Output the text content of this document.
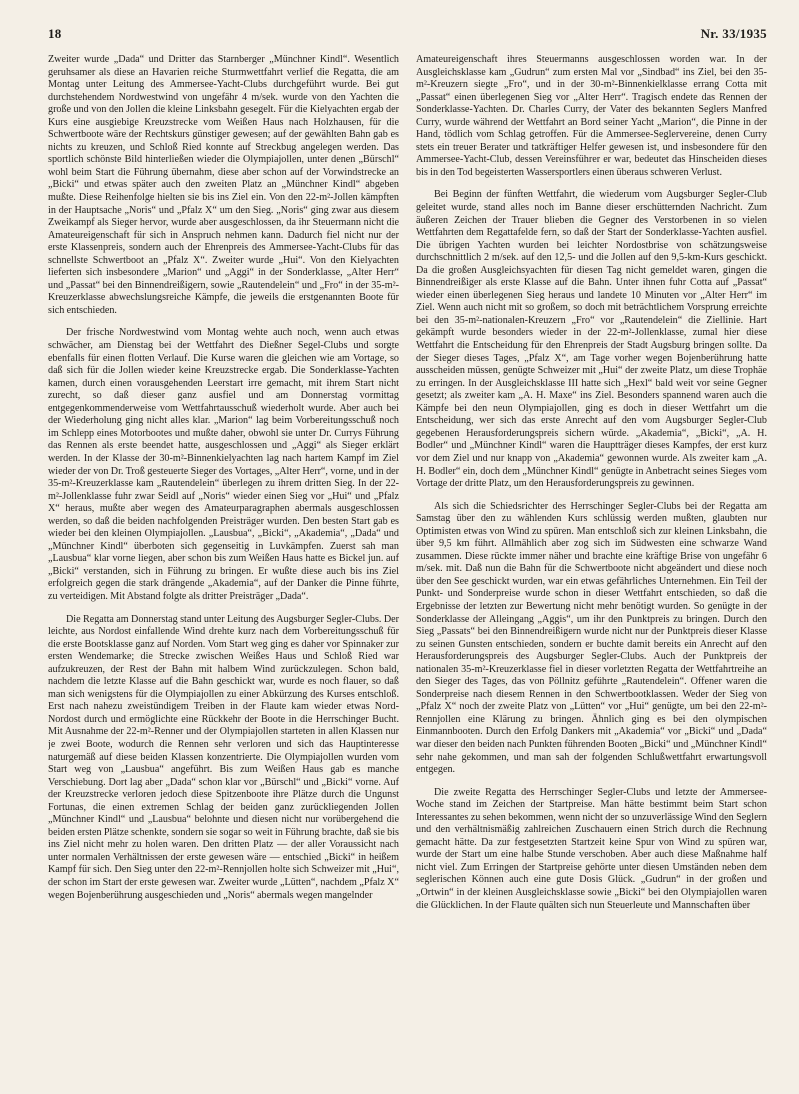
18	Nr. 33/1935

Zweiter wurde „Dada“ und Dritter das Starnberger „Münchner Kindl“. Wesentlich geruhsamer als diese an Havarien reiche Sturmwettfahrt verlief die Regatta, die am Montag unter Leitung des Ammersee-Yacht-Clubs durchgeführt wurde. Bei gut durchstehendem Nordwestwind von ungefähr 4 m/sek. wurde von den Yachten die große und von den Jollen die kleine Linksbahn gesegelt. Für die Kielyachten ergab der Kurs eine ausgiebige Kreuzstrecke vom Weißen Haus nach Holzhausen, für die Schwertboote wäre der Rechtskurs günstiger gewesen; auf der gewählten Bahn gab es nichts zu kreuzen, und Schloß Ried konnte auf Streckbug angelegen werden. Das sportlich schönste Bild hinterließen wieder die Olympiajollen, unter denen „Bürschl“ wohl beim Start die Führung übernahm, diese aber schon auf der Vorwindstrecke an „Bicki“ und etwas später auch den zweiten Platz an „Münchner Kindl“ abgeben mußte. Diese Reihenfolge hielten sie bis ins Ziel ein. Von den 22-m²-Jollen kämpften in der Hauptsache „Noris“ und „Pfalz X“ um den Sieg. „Noris“ ging zwar aus diesem Zweikampf als Sieger hervor, wurde aber ausgeschlossen, da ihr Steuermann nicht die Amateureigenschaft für sich in Anspruch nehmen kann. Dadurch fiel nicht nur der erste Klassenpreis, sondern auch der Ehrenpreis des Ammersee-Yacht-Clubs für das schnellste Schwertboot an „Pfalz X“. Zweiter wurde „Hui“. Von den Kielyachten lieferten sich insbesondere „Marion“ und „Aggi“ in der Sonderklasse, „Alter Herr“ und „Passat“ bei den Binnendreißigern, sowie „Rautendelein“ und „Fro“ in der 35-m²-Kreuzerklasse abwechslungsreiche Kämpfe, die jeweils die erstgenannten Boote für sich entschieden.

Der frische Nordwestwind vom Montag wehte auch noch, wenn auch etwas schwächer, am Dienstag bei der Wettfahrt des Dießner Segel-Clubs und sorgte ebenfalls für einen flotten Verlauf. Die Kurse waren die gleichen wie am Vortage, so daß sich für die Jollen wieder keine Kreuzstrecke ergab. Die Sonderklasse-Yachten kamen, durch einen vorausgehenden Leerstart irre gemacht, mit ihrem Start nicht zurecht, so daß dieser ganz ausfiel und am Donnerstag vormittag entgegenkommenderweise vom Wettfahrtausschuß wiederholt wurde. Aber auch bei der Wiederholung ging nicht alles klar. „Marion“ lag beim Vorbereitungsschuß noch im Schlepp eines Motorbootes und mußte daher, obwohl sie unter Dr. Currys Führung das Rennen als erste beendet hatte, ausgeschlossen und „Aggi“ als Sieger erklärt werden. In der Klasse der 30-m²-Binnenkielyachten lag nach hartem Kampf im Ziel wieder der von Dr. Troß gesteuerte Sieger des Vortages, „Alter Herr“, vorne, und in der 35-m²-Kreuzerklasse kam „Rautendelein“ überlegen zu ihrem dritten Sieg. In der 22-m²-Jollenklasse fuhr zwar Seidl auf „Noris“ wieder einen Sieg vor „Hui“ und „Pfalz X“ heraus, mußte aber wegen des Amateurparagraphen abermals ausgeschlossen werden, so daß die beiden nachfolgenden Preisträger wurden. Den besten Start gab es wieder bei den kleinen Olympiajollen. „Lausbua“, „Bicki“, „Akademia“, „Dada“ und „Münchner Kindl“ überboten sich gegenseitig in Luvkämpfen. Zuerst sah man „Lausbua“ klar vorne liegen, aber schon bis zum Weißen Haus hatte es Bickel jun. auf „Bicki“ verstanden, sich in Führung zu bringen. Er wußte diese auch bis ins Ziel erfolgreich gegen die stark drängende „Akademia“, auf der Danker die Pinne führte, zu verteidigen. Mit Abstand folgte als dritter Preisträger „Dada“.

Die Regatta am Donnerstag stand unter Leitung des Augsburger Segler-Clubs. Der leichte, aus Nordost einfallende Wind drehte kurz nach dem Vorbereitungsschuß für die erste Bootsklasse ganz auf Norden. Vom Start weg ging es daher vor Spinnaker zur ersten Wendemarke; die Strecke zwischen Weißes Haus und Schloß Ried war aufzukreuzen, der Rest der Bahn mit halbem Wind zurückzulegen. Schon bald, nachdem die letzte Klasse auf die Bahn geschickt war, wurde es noch flauer, so daß man sich wenigstens für die Olympiajollen zu einer Abkürzung des Kurses entschloß. Erst nach nahezu zweistündigem Treiben in der Flaute kam wieder etwas Nord-Nordost durch und ermöglichte eine Rückkehr der Boote in die Herrschinger Bucht. Mit Ausnahme der 22-m²-Renner und der Olympiajollen starteten in allen Klassen nur je zwei Boote, wodurch die Rennen sehr verloren und sich das Hauptinteresse naturgemäß auf diese beiden Klassen konzentrierte. Die Olympiajollen wurden vom Start weg von „Lausbua“ angeführt. Bis zum Weißen Haus gab es manche Verschiebung. Dort lag aber „Dada“ schon klar vor „Bürschl“ und „Bicki“ vorne. Auf der Kreuzstrecke verloren jedoch diese Spitzenboote ihre Plätze durch die Ungunst Fortunas, die einen extremen Schlag der beiden ganz zurückliegenden Jollen „Münchner Kindl“ und „Lausbua“ belohnte und diesen nicht nur vorübergehend die beiden ersten Plätze schenkte, sondern sie sogar so weit in Führung brachte, daß sie bis ins Ziel nicht mehr zu holen waren. Den dritten Platz — der aller Voraussicht nach unter normalen Verhältnissen der erste gewesen wäre — entschied „Bicki“ in heißem Kampf für sich. Den Sieg unter den 22-m²-Rennjollen holte sich Schweizer mit „Hui“, der schon im Start der erste gewesen war. Zweiter wurde „Lütten“, nachdem „Pfalz X“ wegen Bojenberührung ausgeschieden und „Noris“ abermals wegen mangelnder

Amateureigenschaft ihres Steuermanns ausgeschlossen worden war. In der Ausgleichsklasse kam „Gudrun“ zum ersten Mal vor „Sindbad“ ins Ziel, bei den 35-m²-Kreuzern siegte „Fro“, und in der 30-m²-Binnenkielklasse errang Cotta mit „Passat“ einen überlegenen Sieg vor „Alter Herr“. Tragisch endete das Rennen der Sonderklasse-Yachten. Dr. Charles Curry, der Vater des bekannten Seglers Manfred Curry, wurde während der Wettfahrt an Bord seiner Yacht „Marion“, die Pinne in der Hand, tödlich vom Schlag getroffen. Für die Ammersee-Seglervereine, denen Curry stets ein treuer Berater und tatkräftiger Helfer gewesen ist, und insbesondere für den Ammersee-Yacht-Club, dessen Vereinsführer er war, bedeutet das Hinscheiden dieses bis in den Tod begeisterten Wassersportlers einen überaus schweren Verlust.

Bei Beginn der fünften Wettfahrt, die wiederum vom Augsburger Segler-Club geleitet wurde, stand alles noch im Banne dieser erschütternden Nachricht. Zum äußeren Zeichen der Trauer blieben die Gegner des Verstorbenen in so vielen Wettfahrten dem Regattafelde fern, so daß der Start der Sonderklasse-Yachten ausfiel. Die übrigen Yachten wurden bei leichter Nordostbrise von schätzungsweise durchschnittlich 2 m/sek. auf den 12,5- und die Jollen auf den 9,5-km-Kurs geschickt. Da die großen Ausgleichsyachten für diesen Tag nicht gemeldet waren, gingen die Binnendreißiger als erste Klasse auf die Bahn. Unter ihnen fuhr Cotta auf „Passat“ wieder einen überlegenen Sieg heraus und landete 10 Minuten vor „Alter Herr“ im Ziel. Wenn auch nicht mit so großem, so doch mit beträchtlichem Vorsprung erreichte bei den 35-m²-nationalen-Kreuzern „Fro“ vor „Rautendelein“ die Ziellinie. Hart gekämpft wurde besonders wieder in der 22-m²-Jollenklasse, zumal hier diese Wettfahrt die Entscheidung für den Ehrenpreis der Stadt Augsburg bringen sollte. Da der Sieger dieses Tages, „Pfalz X“, am Tage vorher wegen Bojenberührung hatte ausscheiden müssen, genügte Schweizer mit „Hui“ der zweite Platz, um diese Trophäe zu erringen. In der Ausgleichsklasse III hatte sich „Hexl“ bald weit vor seine Gegner gesetzt; als zweiter kam „A. H. Maxe“ ins Ziel. Besonders spannend waren auch die Kämpfe bei den neun Olympiajollen, ging es doch in dieser Wettfahrt um die Entscheidung, wer sich das erste Anrecht auf den vom Augsburger Segler-Club gegebenen Herausforderungspreis sichern würde. „Akademia“, „Bicki“, „A. H. Bodler“ und „Münchner Kindl“ waren die Hauptträger dieses Kampfes, der erst kurz vor dem Ziel und nur knapp von „Akademia“ gewonnen wurde. Als zweiter kam „A. H. Bodler“ ein, doch dem „Münchner Kindl“ genügte in Anbetracht seines Sieges vom Vortage der dritte Platz, um den Herausforderungspreis zu gewinnen.

Als sich die Schiedsrichter des Herrschinger Segler-Clubs bei der Regatta am Samstag über den zu wählenden Kurs schlüssig werden mußten, glaubten nur Optimisten etwas von Wind zu spüren. Man entschloß sich zur kleinen Linksbahn, die über 9,5 km führt. Allmählich aber zog sich im Südwesten eine schwarze Wand zusammen. Diese rückte immer näher und brachte eine kräftige Brise von ungefähr 6 m/sek. mit. Daß nun die Bahn für die Schwertboote nicht abgeändert und diese noch über den See geschickt wurden, war ein etwas gefährliches Unternehmen. Ein Teil der Punkt- und Sonderpreise wurde schon in dieser Wettfahrt entschieden, so daß die Ergebnisse der letzten zur Bewertung nicht mehr benötigt wurden. So genügte in der Sonderklasse der Alleingang „Aggis“, um ihr den Punktpreis zu bringen. Durch den Sieg „Passats“ bei den Binnendreißigern wurde nicht nur der Punktpreis dieser Klasse zu seinen Gunsten entschieden, sondern er buchte damit bereits ein Anrecht auf den Herausforderungspreis des Augsburger Segler-Clubs. Auch der Punktpreis der nationalen 35-m²-Kreuzerklasse fiel in dieser vorletzten Regatta der Wettfahrtreihe an den Sieger des Tages, das von Pöllnitz geführte „Rautendelein“. Offener waren die Sonderpreise nach diesem Rennen in den Schwertbootklassen. Weder der Sieg von „Pfalz X“ noch der zweite Platz von „Lütten“ vor „Hui“ genügte, um bei den 22-m²-Rennjollen eine Klärung zu bringen. Ähnlich ging es bei den olympischen Einmannbooten. Durch den Erfolg Dankers mit „Akademia“ vor „Bicki“ und „Dada“ war dieser den beiden nach Punkten führenden Booten „Bicki“ und „Münchner Kindl“ sehr nahe gekommen, und man sah der folgenden Schlußwettfahrt erwartungsvoll entgegen.

Die zweite Regatta des Herrschinger Segler-Clubs und letzte der Ammersee-Woche stand im Zeichen der Startpreise. Man hätte bestimmt beim Start schon Interessantes zu sehen bekommen, wenn nicht der so unzuverlässige Wind den Seglern und den verhältnismäßig zahlreichen Zuschauern einen Strich durch die Rechnung gemacht hätte. Da zur festgesetzten Startzeit keine Spur von Wind zu spüren war, wurde der Start um eine halbe Stunde verschoben. Aber auch diese Maßnahme half nicht viel. Zum Erringen der Startpreise gehörte unter diesen Umständen neben dem seglerischen Können auch eine gute Dosis Glück. „Gudrun“ in der großen und „Ortwin“ in der kleinen Ausgleichsklasse sowie „Bicki“ bei den Olympiajollen waren die Glücklichen. In der Flaute quälten sich nun Steuerleute und Mannschaften über
